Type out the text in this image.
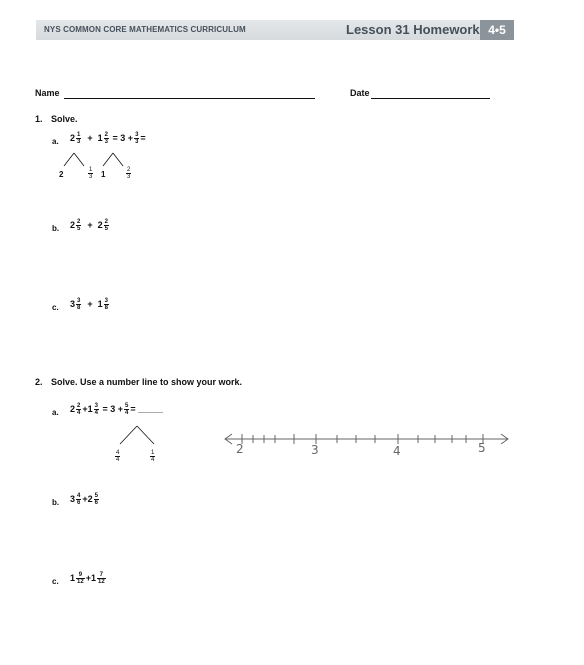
NYS COMMON CORE MATHEMATICS CURRICULUM	Lesson 31 Homework 4•5
Name	Date
1. Solve.
a. $2 \frac{1}{3} + 1 \frac{2}{3} = 3 + \frac{3}{3}$ =
2	$\frac{1}{3} 1$	$\frac{2}{3}$
b. $2 \frac{2}{5} + 2 \frac{2}{5}$
c. $3 \frac{3}{8} + 1 \frac{3}{8}$
2. Solve. Use a number line to show your work.
a. $2 \frac{2}{4} +1 \frac{3}{4} = 3 + \frac{5}{4}$ = _____
$\frac{4}{4}$	$\frac{1}{4}$
2	3	4	5
b. $3 \frac{4}{6} +2 \frac{5}{6}$
c. $1 \frac{9}{12} +1 \frac{7}{12}$
